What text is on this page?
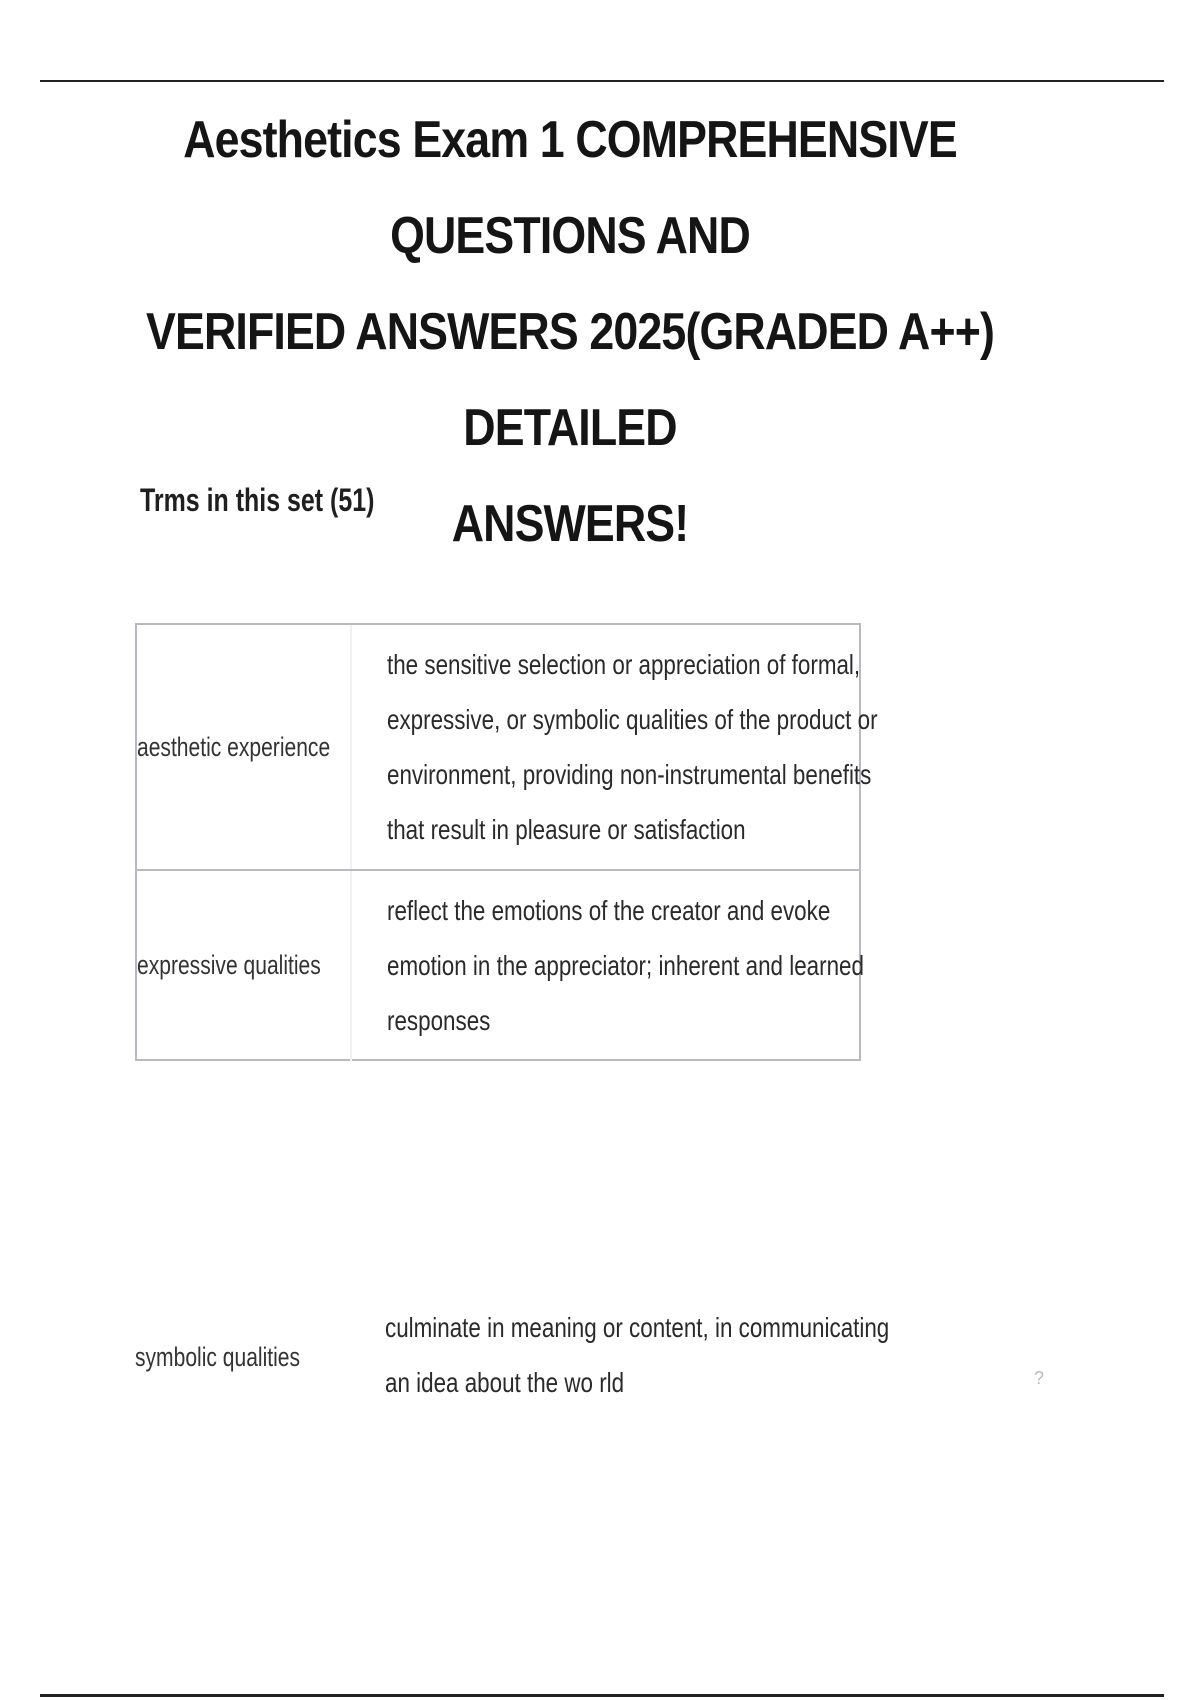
Aesthetics Exam 1 COMPREHENSIVE QUESTIONS AND
VERIFIED ANSWERS 2025(GRADED A++) DETAILED
ANSWERS!
Trms in this set (51)
aesthetic experience
the sensitive selection or appreciation of formal,
expressive, or symbolic qualities of the product or
environment, providing non-instrumental benefits
that result in pleasure or satisfaction
expressive qualities
reflect the emotions of the creator and evoke
emotion in the appreciator; inherent and learned
responses
symbolic qualities
culminate in meaning or content, in communicating
an idea about the wo rld	?
